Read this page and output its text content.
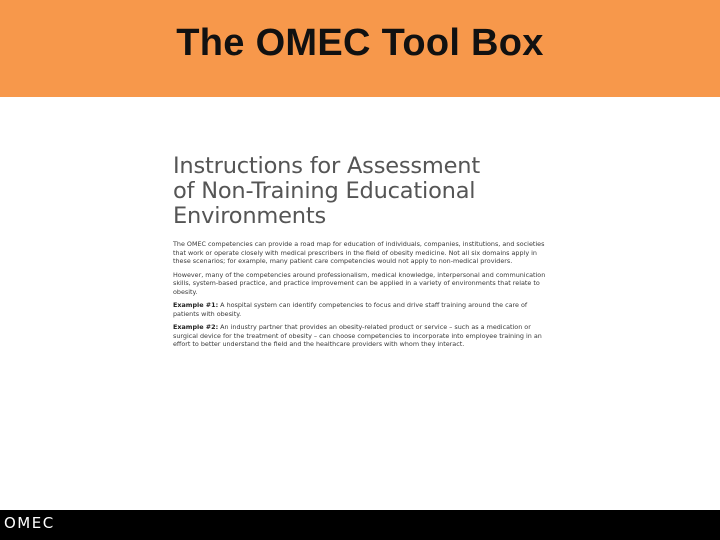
The OMEC Tool Box
Instructions for Assessment
of Non-Training Educational
Environments

The OMEC competencies can provide a road map for education of individuals, companies, institutions, and societies that work or operate closely with medical prescribers in the field of obesity medicine. Not all six domains apply in these scenarios; for example, many patient care competencies would not apply to non-medical providers.

However, many of the competencies around professionalism, medical knowledge, interpersonal and communication skills, system-based practice, and practice improvement can be applied in a variety of environments that relate to obesity.

Example #1: A hospital system can identify competencies to focus and drive staff training around the care of patients with obesity.

Example #2: An industry partner that provides an obesity-related product or service – such as a medication or surgical device for the treatment of obesity – can choose competencies to incorporate into employee training in an effort to better understand the field and the healthcare providers with whom they interact.

OMEC
